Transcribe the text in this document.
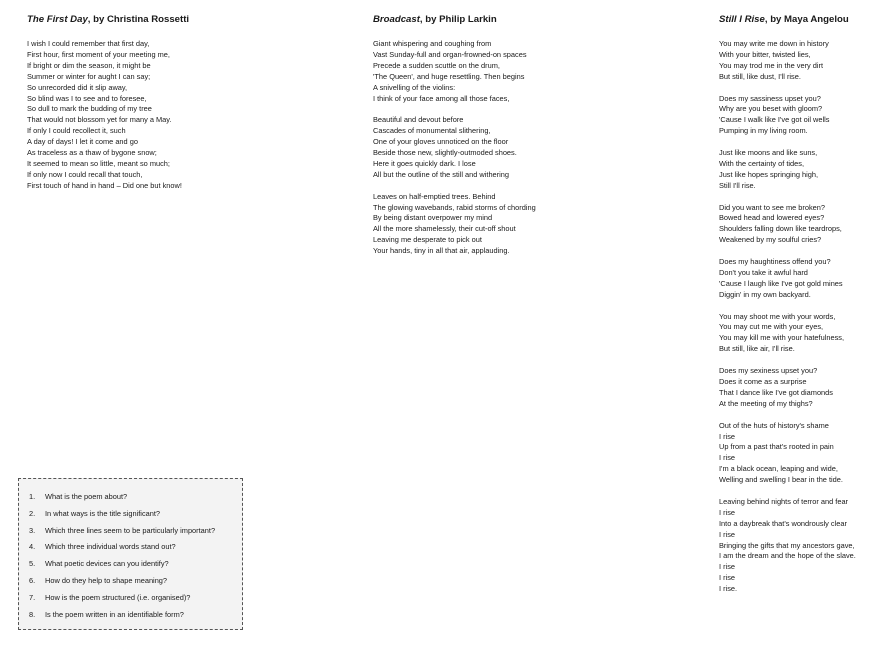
The First Day, by Christina Rossetti
I wish I could remember that first day,
First hour, first moment of your meeting me,
If bright or dim the season, it might be
Summer or winter for aught I can say;
So unrecorded did it slip away,
So blind was I to see and to foresee,
So dull to mark the budding of my tree
That would not blossom yet for many a May.
If only I could recollect it, such
A day of days! I let it come and go
As traceless as a thaw of bygone snow;
It seemed to mean so little, meant so much;
If only now I could recall that touch,
First touch of hand in hand – Did one but know!
Broadcast, by Philip Larkin
Giant whispering and coughing from
Vast Sunday-full and organ-frowned-on spaces
Precede a sudden scuttle on the drum,
'The Queen', and huge resettling. Then begins
A snivelling of the violins:
I think of your face among all those faces,
Beautiful and devout before
Cascades of monumental slithering,
One of your gloves unnoticed on the floor
Beside those new, slightly-outmoded shoes.
Here it goes quickly dark. I lose
All but the outline of the still and withering
Leaves on half-emptied trees. Behind
The glowing wavebands, rabid storms of chording
By being distant overpower my mind
All the more shamelessly, their cut-off shout
Leaving me desperate to pick out
Your hands, tiny in all that air, applauding.
Still I Rise, by Maya Angelou
You may write me down in history
With your bitter, twisted lies,
You may trod me in the very dirt
But still, like dust, I'll rise.
Does my sassiness upset you?
Why are you beset with gloom?
'Cause I walk like I've got oil wells
Pumping in my living room.
Just like moons and like suns,
With the certainty of tides,
Just like hopes springing high,
Still I'll rise.
Did you want to see me broken?
Bowed head and lowered eyes?
Shoulders falling down like teardrops,
Weakened by my soulful cries?
Does my haughtiness offend you?
Don't you take it awful hard
'Cause I laugh like I've got gold mines
Diggin' in my own backyard.
You may shoot me with your words,
You may cut me with your eyes,
You may kill me with your hatefulness,
But still, like air, I'll rise.
Does my sexiness upset you?
Does it come as a surprise
That I dance like I've got diamonds
At the meeting of my thighs?
Out of the huts of history's shame
I rise
Up from a past that's rooted in pain
I rise
I'm a black ocean, leaping and wide,
Welling and swelling I bear in the tide.
Leaving behind nights of terror and fear
I rise
Into a daybreak that's wondrously clear
I rise
Bringing the gifts that my ancestors gave,
I am the dream and the hope of the slave.
I rise
I rise
I rise.
1.	What is the poem about?
2.	In what ways is the title significant?
3.	Which three lines seem to be particularly important?
4.	Which three individual words stand out?
5.	What poetic devices can you identify?
6.	How do they help to shape meaning?
7.	How is the poem structured (i.e. organised)?
8.	Is the poem written in an identifiable form?
